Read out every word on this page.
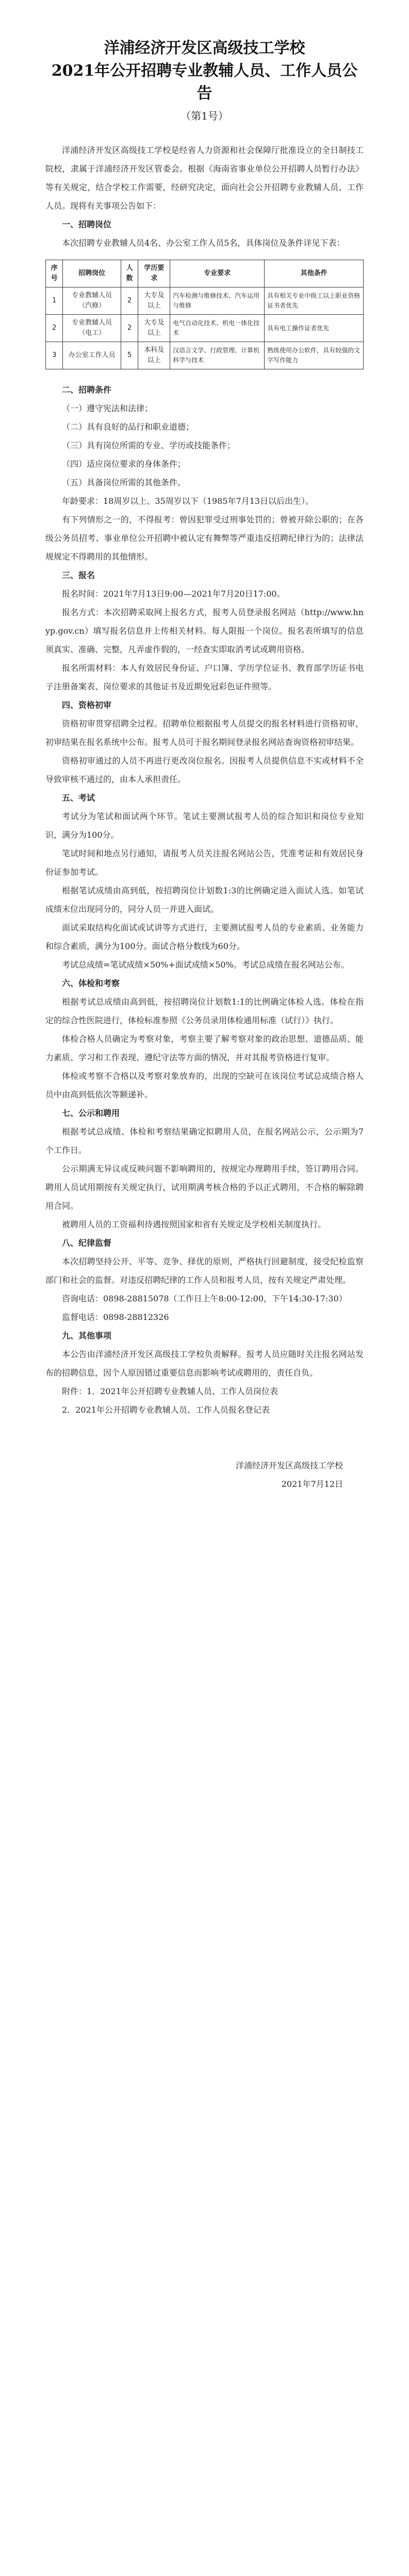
洋浦经济开发区高级技工学校
2021年公开招聘专业教辅人员、工作人员公告
（第1号）

洋浦经济开发区高级技工学校是经省人力资源和社会保障厅批准设立的全日制技工院校，隶属于洋浦经济开发区管委会。根据《海南省事业单位公开招聘人员暂行办法》等有关规定，结合学校工作需要，经研究决定，面向社会公开招聘专业教辅人员、工作人员。现将有关事项公告如下：

一、招聘岗位

本次招聘专业教辅人员4名、办公室工作人员5名，具体岗位及条件详见下表：

序号	招聘岗位	人数	学历要求	专业要求	其他条件
1	专业教辅人员（汽修）	2	大专及以上	汽车检测与维修技术、汽车运用与维修	具有相关专业中级工以上职业资格证书者优先
2	专业教辅人员（电工）	2	大专及以上	电气自动化技术、机电一体化技术	具有电工操作证者优先
3	办公室工作人员	5	本科及以上	汉语言文学、行政管理、计算机科学与技术	熟练使用办公软件，具有较强的文字写作能力

二、招聘条件

（一）遵守宪法和法律；

（二）具有良好的品行和职业道德；

（三）具有岗位所需的专业、学历或技能条件；

（四）适应岗位要求的身体条件；

（五）具备岗位所需的其他条件。

年龄要求：18周岁以上、35周岁以下（1985年7月13日以后出生）。

有下列情形之一的，不得报考：曾因犯罪受过刑事处罚的；曾被开除公职的；在各级公务员招考、事业单位公开招聘中被认定有舞弊等严重违反招聘纪律行为的；法律法规规定不得聘用的其他情形。

三、报名

报名时间：2021年7月13日9:00—2021年7月20日17:00。

报名方式：本次招聘采取网上报名方式，报考人员登录报名网站（http://www.hnyp.gov.cn）填写报名信息并上传相关材料。每人限报一个岗位。报名表所填写的信息须真实、准确、完整，凡弄虚作假的，一经查实即取消考试或聘用资格。

报名所需材料：本人有效居民身份证、户口簿、学历学位证书、教育部学历证书电子注册备案表、岗位要求的其他证书及近期免冠彩色证件照等。

四、资格初审

资格初审贯穿招聘全过程。招聘单位根据报考人员提交的报名材料进行资格初审，初审结果在报名系统中公布。报考人员可于报名期间登录报名网站查询资格初审结果。

资格初审通过的人员不再进行更改岗位报名。因报考人员提供信息不实或材料不全导致审核不通过的，由本人承担责任。

五、考试

考试分为笔试和面试两个环节。笔试主要测试报考人员的综合知识和岗位专业知识，满分为100分。

笔试时间和地点另行通知，请报考人员关注报名网站公告，凭准考证和有效居民身份证参加考试。

根据笔试成绩由高到低，按招聘岗位计划数1:3的比例确定进入面试人选。如笔试成绩末位出现同分的，同分人员一并进入面试。

面试采取结构化面试或试讲等方式进行，主要测试报考人员的专业素质、业务能力和综合素质，满分为100分。面试合格分数线为60分。

考试总成绩=笔试成绩×50%+面试成绩×50%。考试总成绩在报名网站公布。

六、体检和考察

根据考试总成绩由高到低，按招聘岗位计划数1:1的比例确定体检人选。体检在指定的综合性医院进行，体检标准参照《公务员录用体检通用标准（试行）》执行。

体检合格人员确定为考察对象，考察主要了解考察对象的政治思想、道德品质、能力素质、学习和工作表现、遵纪守法等方面的情况，并对其报考资格进行复审。

体检或考察不合格以及考察对象放弃的，出现的空缺可在该岗位考试总成绩合格人员中由高到低依次等额递补。

七、公示和聘用

根据考试总成绩、体检和考察结果确定拟聘用人员，在报名网站公示，公示期为7个工作日。

公示期满无异议或反映问题不影响聘用的，按规定办理聘用手续，签订聘用合同。聘用人员试用期按有关规定执行，试用期满考核合格的予以正式聘用，不合格的解除聘用合同。

被聘用人员的工资福利待遇按照国家和省有关规定及学校相关制度执行。

八、纪律监督

本次招聘坚持公开、平等、竞争、择优的原则，严格执行回避制度，接受纪检监察部门和社会的监督。对违反招聘纪律的工作人员和报考人员，按有关规定严肃处理。

咨询电话：0898-28815078（工作日上午8:00-12:00，下午14:30-17:30）

监督电话：0898-28812326

九、其他事项

本公告由洋浦经济开发区高级技工学校负责解释。报考人员应随时关注报名网站发布的招聘信息，因个人原因错过重要信息而影响考试或聘用的，责任自负。

附件：1．2021年公开招聘专业教辅人员、工作人员岗位表

2．2021年公开招聘专业教辅人员、工作人员报名登记表

洋浦经济开发区高级技工学校

2021年7月12日
